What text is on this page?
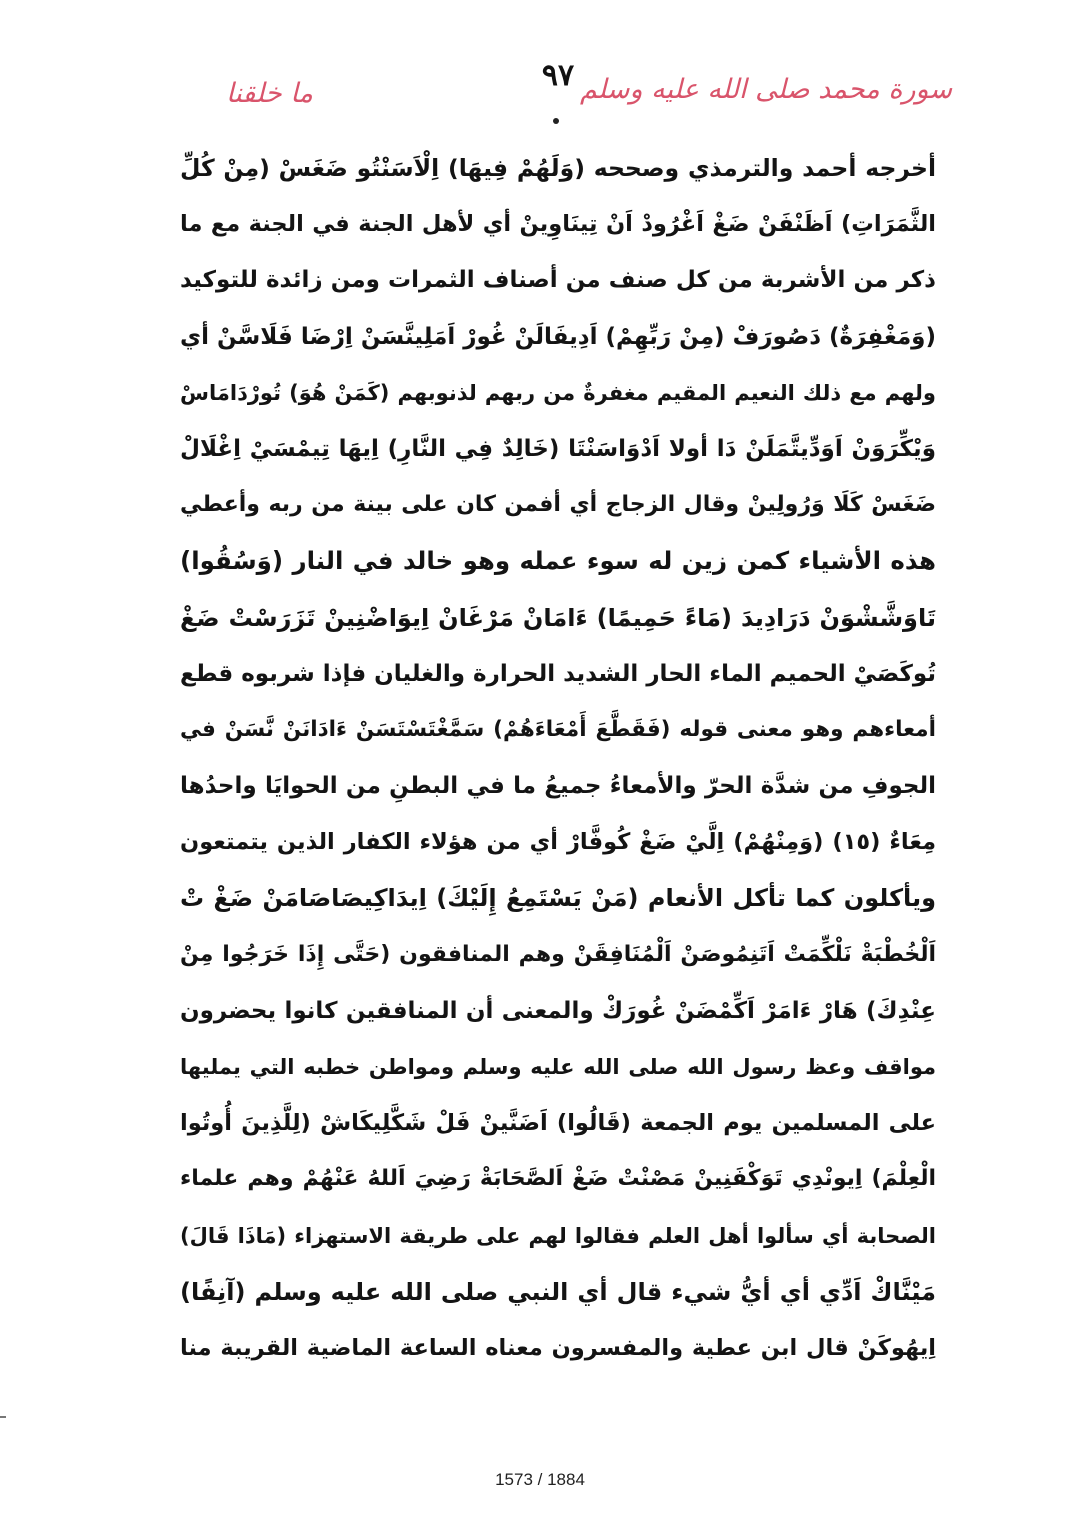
ما خلقنا
٩٧ سورة محمد صلى الله عليه وسلم
أخرجه أحمد والترمذي وصححه (وَلَهُمْ فِيهَا) اِلْاَسَنْتُو ضَغَسْ (مِنْ كُلِّ
الثَّمَرَاتِ) اَظَنْفَنْ ضَغْ اَغْرُودْ اَنْ تِينَاوِينْ أي لأهل الجنة في الجنة مع ما
ذكر من الأشربة من كل صنف من أصناف الثمرات ومن زائدة للتوكيد
(وَمَغْفِرَةٌ) دَصُورَفْ (مِنْ رَبِّهِمْ) اَدِيفَالَنْ غُورْ اَمَلِينَّسَنْ اِرْضَا فَلَاسَّنْ أي
ولهم مع ذلك النعيم المقيم مغفرةٌ من ربهم لذنوبهم (كَمَنْ هُوَ) تُورْدَامَاسْ
وَيْكِّرَوَنْ اَوَدِّيتَّمَلَنْ دَا أولا اَدْوَاسَنْتَا (خَالِدٌ فِي النَّارِ) اِيهَا تِيمْسَيْ اِغْلَالْ
ضَغَسْ كَلَا وَرُولِينْ وقال الزجاج أي أفمن كان على بينة من ربه وأعطي
هذه الأشياء كمن زين له سوء عمله وهو خالد في النار (وَسُقُوا)
تَاوَشَّشْوَنْ دَرَادِيدَ (مَاءً حَمِيمًا) ءَامَانْ مَرْغَانْ اِيوَاضْنِينْ تَزَرَسْتْ ضَغْ
تُوكَصَيْ الحميم الماء الحار الشديد الحرارة والغليان فإذا شربوه قطع
أمعاءهم وهو معنى قوله (فَقَطَّعَ أَمْعَاءَهُمْ) سَمَّغْتَسْتَسَنْ ءَادَانَنْ نَّسَنْ في
الجوفِ من شدَّة الحرّ والأمعاءُ جميعُ ما في البطنِ من الحوايَا واحدُها
مِعَاءٌ (١٥) (وَمِنْهُمْ) اِلَّيْ ضَغْ كُوفَّارْ أي من هؤلاء الكفار الذين يتمتعون
ويأكلون كما تأكل الأنعام (مَنْ يَسْتَمِعُ إِلَيْكَ) اِيدَاكِيصَاصَامَنْ ضَغْ تْ
اَلْخُطْبَةْ نَلْكِّمَتْ اَتَنِمُوصَنْ اَلْمُنَافِقَنْ وهم المنافقون (حَتَّى إِذَا خَرَجُوا مِنْ
عِنْدِكَ) هَارْ ءَامَرْ اَكِّمْضَنْ غُورَكْ والمعنى أن المنافقين كانوا يحضرون
مواقف وعظ رسول الله صلى الله عليه وسلم ومواطن خطبه التي يمليها
على المسلمين يوم الجمعة (قَالُوا) اَضَنَّينْ فَلْ شَكَّلِيكَاشْ (لِلَّذِينَ أُوتُوا
الْعِلْمَ) اِيونْدِي تَوَكْفَنِينْ مَصْنْتْ ضَغْ اَلصَّحَابَةْ رَضِيَ اَللهُ عَنْهُمْ وهم علماء
الصحابة أي سألوا أهل العلم فقالوا لهم على طريقة الاستهزاء (مَاذَا قَالَ)
مَيْنَّاكْ اَدِّي أي أيُّ شيء قال أي النبي صلى الله عليه وسلم (آنِفًا)
اِيهُوكَنْ قال ابن عطية والمفسرون معناه الساعة الماضية القريبة منا
1573 / 1884
